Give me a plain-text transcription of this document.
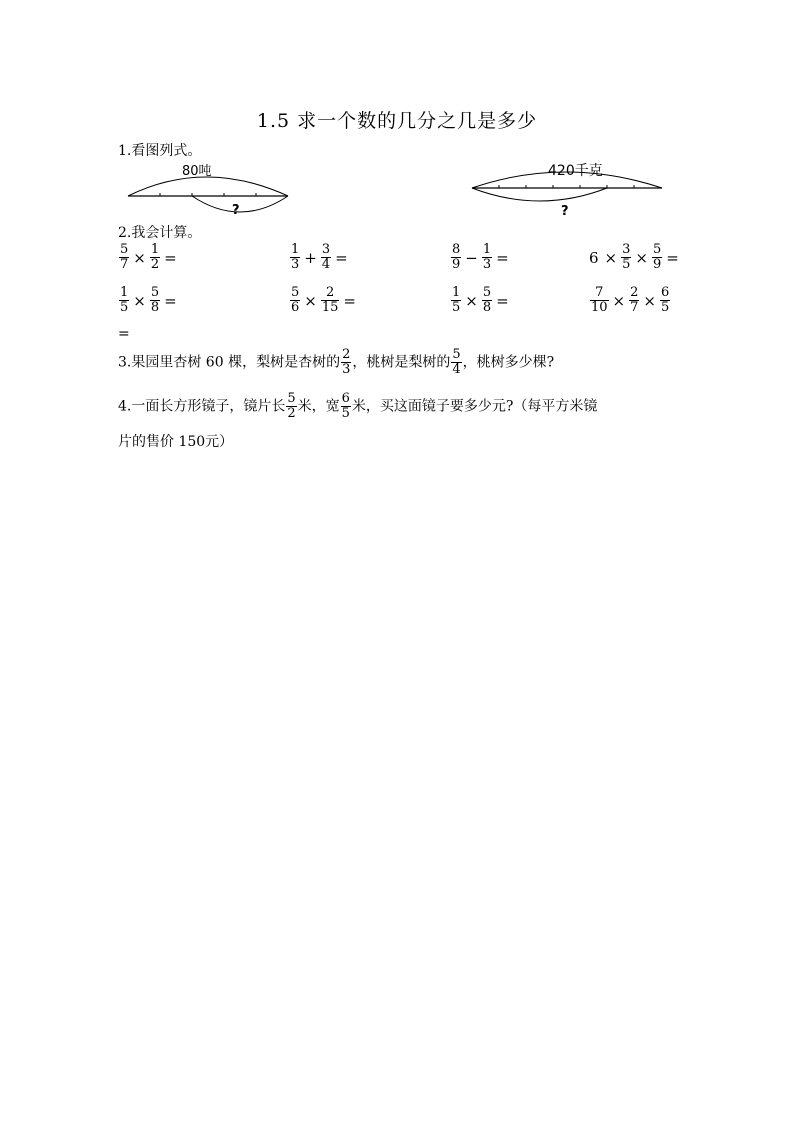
1.5 求一个数的几分之几是多少
1.看图列式。
80吨
?
420千克
?
2.我会计算。
$\frac{5}{7} \times \frac{1}{2}$ =	$\frac{1}{3} + \frac{3}{4}$ =	$\frac{8}{9} - \frac{1}{3}$ =	$6 \times \frac{3}{5} \times \frac{5}{9}$ =
$\frac{1}{5} \times \frac{5}{8}$ =	$\frac{5}{6} \times \frac{2}{15}$ =	$\frac{1}{5} \times \frac{5}{8}$ =	$\frac{7}{10} \times \frac{2}{7} \times \frac{6}{5}$
=
3.果园里杏树 60 棵，梨树是杏树的 $\frac{2}{3}$ ，桃树是梨树的 $\frac{5}{4}$ ，桃树多少棵?
4.一面长方形镜子，镜片长 $\frac{5}{2}$ 米，宽 $\frac{6}{5}$ 米，买这面镜子要多少元?（每平方米镜
片的售价 150元）
